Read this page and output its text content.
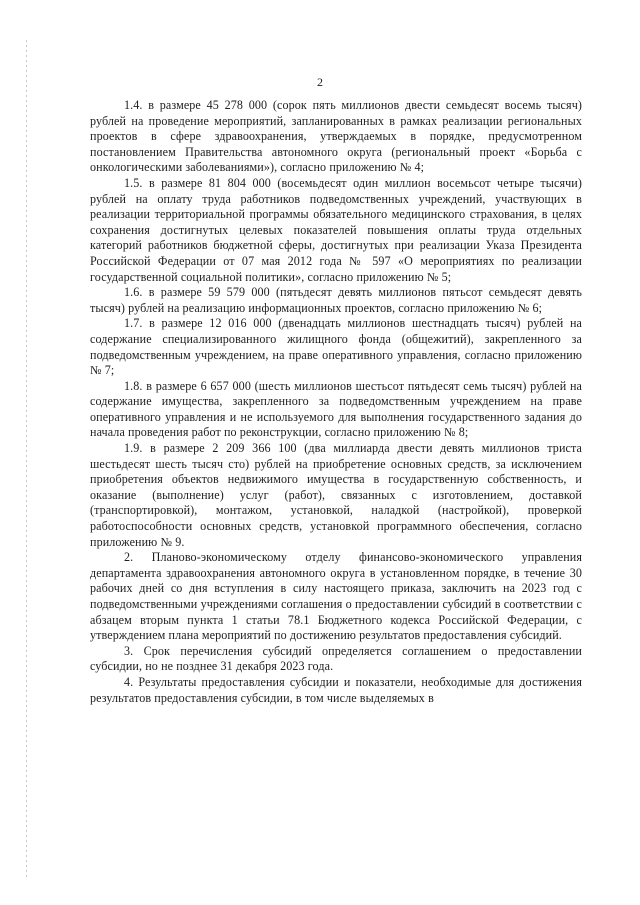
2

1.4. в размере 45 278 000 (сорок пять миллионов двести семьдесят восемь тысяч) рублей на проведение мероприятий, запланированных в рамках реализации региональных проектов в сфере здравоохранения, утверждаемых в порядке, предусмотренном постановлением Правительства автономного округа (региональный проект «Борьба с онкологическими заболеваниями»), согласно приложению № 4;

1.5. в размере 81 804 000 (восемьдесят один миллион восемьсот четыре тысячи) рублей на оплату труда работников подведомственных учреждений, участвующих в реализации территориальной программы обязательного медицинского страхования, в целях сохранения достигнутых целевых показателей повышения оплаты труда отдельных категорий работников бюджетной сферы, достигнутых при реализации Указа Президента Российской Федерации от 07 мая 2012 года № 597 «О мероприятиях по реализации государственной социальной политики», согласно приложению № 5;

1.6. в размере 59 579 000 (пятьдесят девять миллионов пятьсот семьдесят девять тысяч) рублей на реализацию информационных проектов, согласно приложению № 6;

1.7. в размере 12 016 000 (двенадцать миллионов шестнадцать тысяч) рублей на содержание специализированного жилищного фонда (общежитий), закрепленного за подведомственным учреждением, на праве оперативного управления, согласно приложению № 7;

1.8. в размере 6 657 000 (шесть миллионов шестьсот пятьдесят семь тысяч) рублей на содержание имущества, закрепленного за подведомственным учреждением на праве оперативного управления и не используемого для выполнения государственного задания до начала проведения работ по реконструкции, согласно приложению № 8;

1.9. в размере 2 209 366 100 (два миллиарда двести девять миллионов триста шестьдесят шесть тысяч сто) рублей на приобретение основных средств, за исключением приобретения объектов недвижимого имущества в государственную собственность, и оказание (выполнение) услуг (работ), связанных с изготовлением, доставкой (транспортировкой), монтажом, установкой, наладкой (настройкой), проверкой работоспособности основных средств, установкой программного обеспечения, согласно приложению № 9.

2. Планово-экономическому отделу финансово-экономического управления департамента здравоохранения автономного округа в установленном порядке, в течение 30 рабочих дней со дня вступления в силу настоящего приказа, заключить на 2023 год с подведомственными учреждениями соглашения о предоставлении субсидий в соответствии с абзацем вторым пункта 1 статьи 78.1 Бюджетного кодекса Российской Федерации, с утверждением плана мероприятий по достижению результатов предоставления субсидий.

3. Срок перечисления субсидий определяется соглашением о предоставлении субсидии, но не позднее 31 декабря 2023 года.

4. Результаты предоставления субсидии и показатели, необходимые для достижения результатов предоставления субсидии, в том числе выделяемых в
